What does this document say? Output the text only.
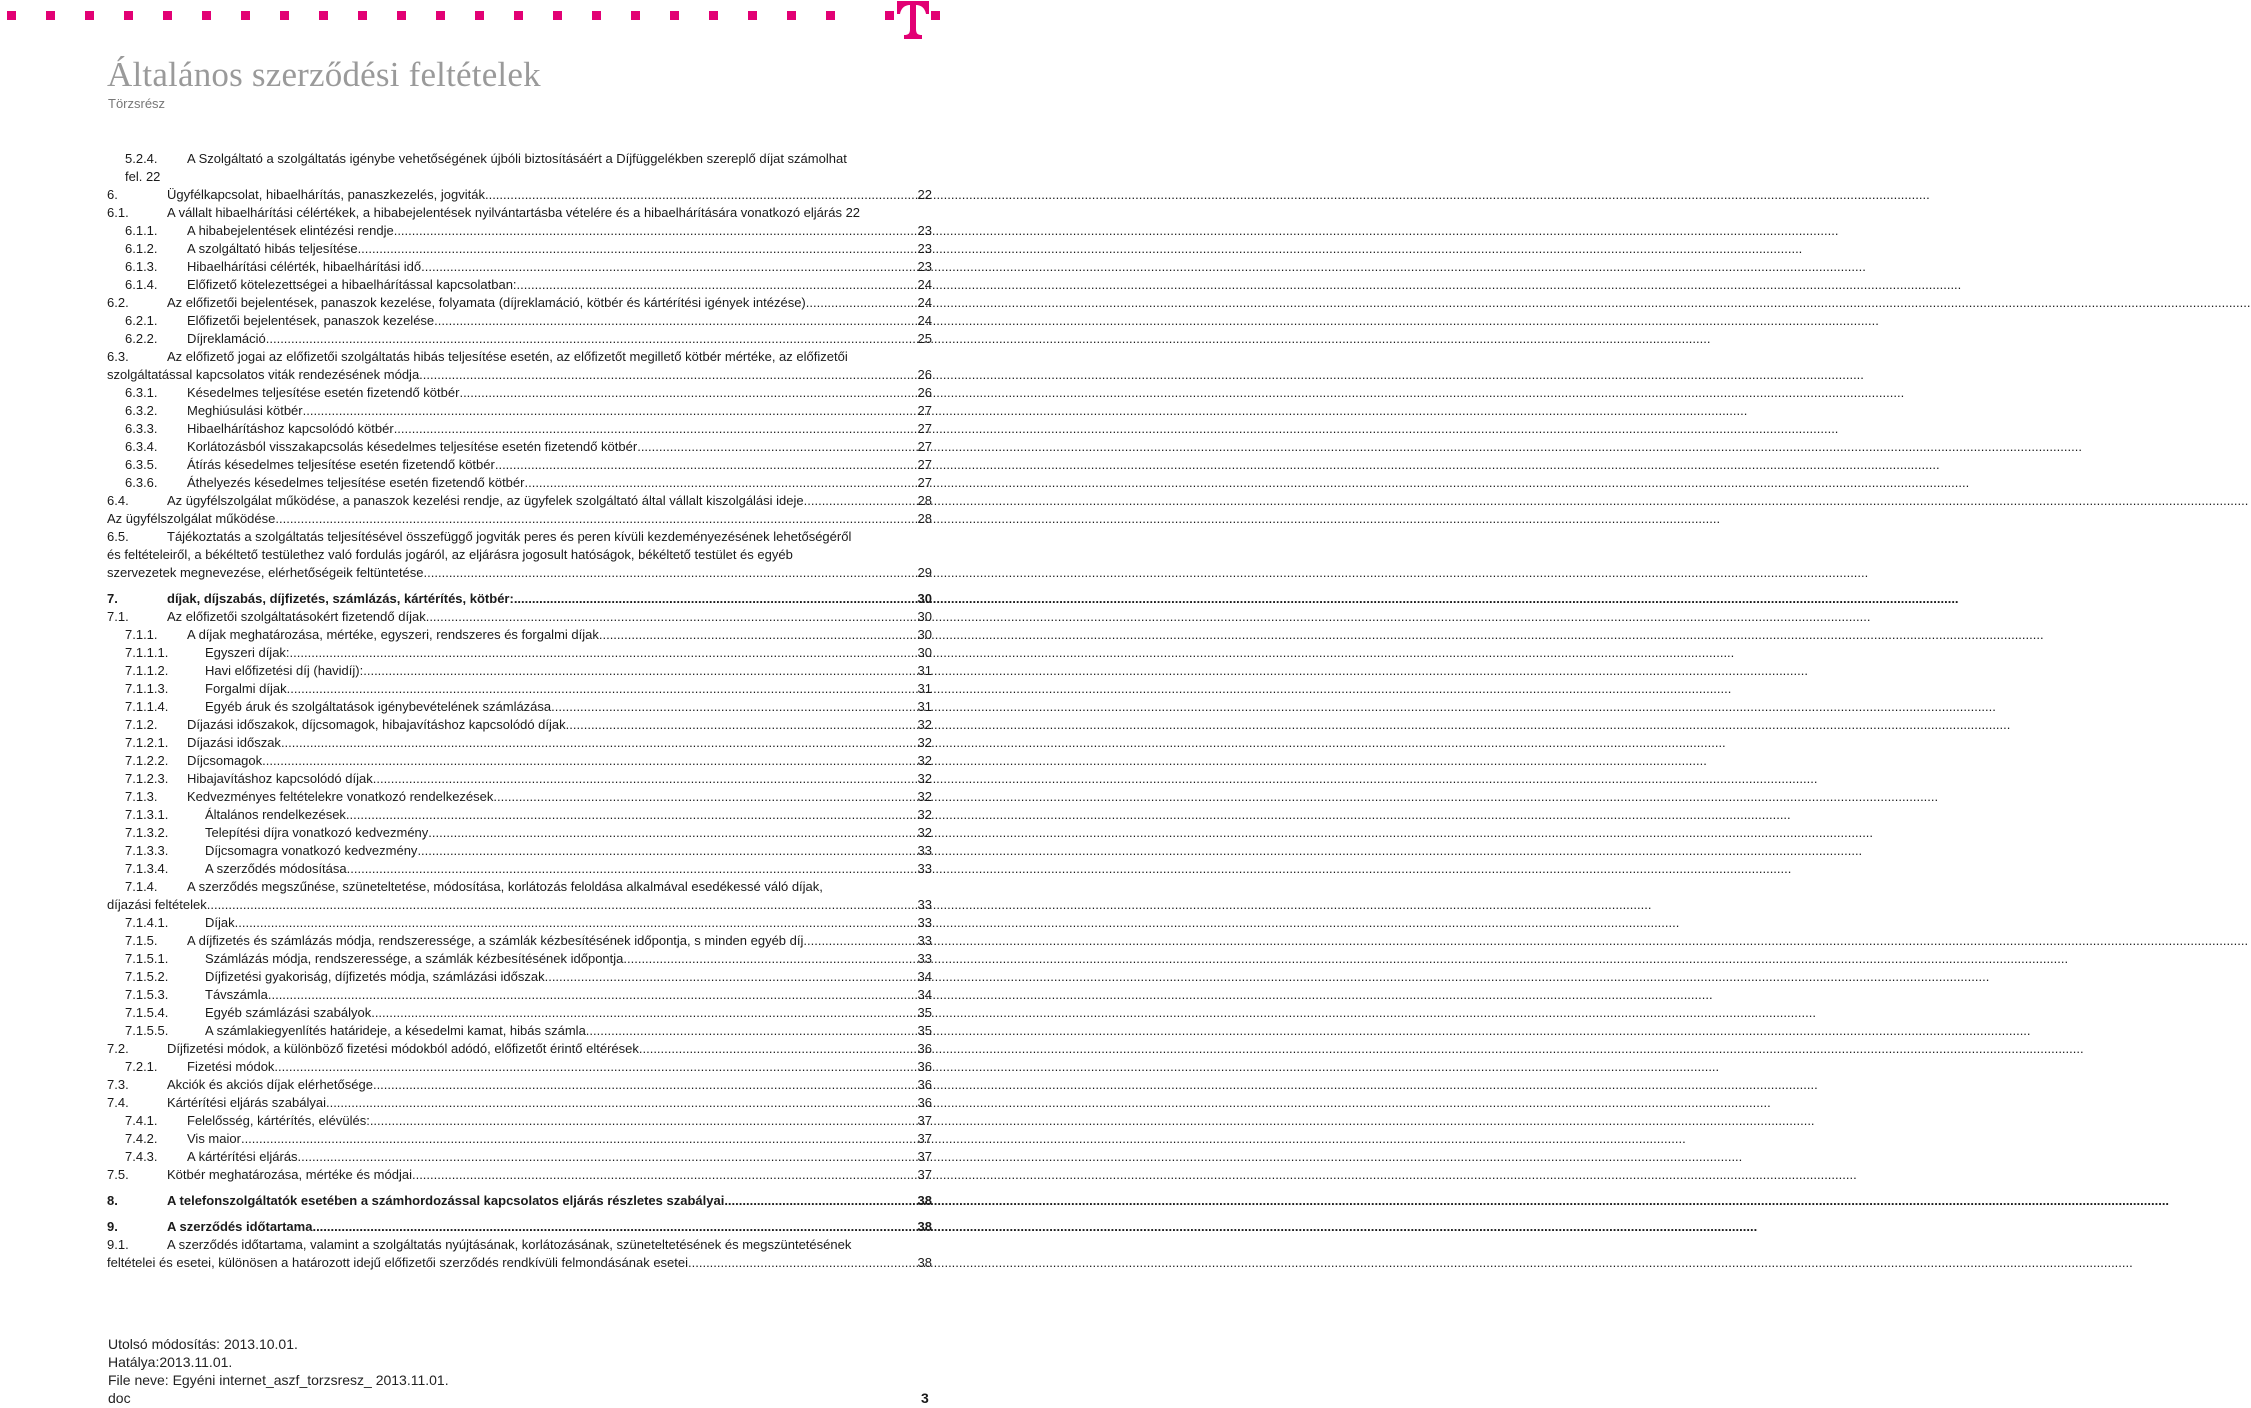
Általános szerződési feltételek
Törzsrész
5.2.4.	A Szolgáltató a szolgáltatás igénybe vehetőségének újbóli biztosításáért a Díjfüggelékben szereplő díjat számolhat
fel. 22
6.	Ügyfélkapcsolat, hibaelhárítás, panaszkezelés, jogviták .....	22
6.1.	A vállalt hibaelhárítási célértékek, a hibabejelentések nyilvántartásba vételére és a hibaelhárítására vonatkozó eljárás 22
6.1.1.	A hibabejelentések elintézési rendje .....	23
6.1.2.	A szolgáltató hibás teljesítése .....	23
6.1.3.	Hibaelhárítási célérték, hibaelhárítási idő .....	23
6.1.4.	Előfizető kötelezettségei a hibaelhárítással kapcsolatban: .....	24
6.2.	Az előfizetői bejelentések, panaszok kezelése, folyamata (díjreklamáció, kötbér és kártérítési igények intézése) .....	24
6.2.1.	Előfizetői bejelentések, panaszok kezelése .....	24
6.2.2.	Díjreklamáció .....	25
6.3.	Az előfizető jogai az előfizetői szolgáltatás hibás teljesítése esetén, az előfizetőt megillető kötbér mértéke, az előfizetői
szolgáltatással kapcsolatos viták rendezésének módja .....	26
6.3.1.	Késedelmes teljesítése esetén fizetendő kötbér .....	26
6.3.2.	Meghiúsulási kötbér .....	27
6.3.3.	Hibaelhárításhoz kapcsolódó kötbér .....	27
6.3.4.	Korlátozásból visszakapcsolás késedelmes teljesítése esetén fizetendő kötbér .....	27
6.3.5.	Átírás késedelmes teljesítése esetén fizetendő kötbér .....	27
6.3.6.	Áthelyezés késedelmes teljesítése esetén fizetendő kötbér .....	27
6.4.	Az ügyfélszolgálat működése, a panaszok kezelési rendje, az ügyfelek szolgáltató által vállalt kiszolgálási ideje .....	28
Az ügyfélszolgálat működése .....	28
6.5.	Tájékoztatás a szolgáltatás teljesítésével összefüggő jogviták peres és peren kívüli kezdeményezésének lehetőségéről
és feltételeiről, a békéltető testülethez való fordulás jogáról, az eljárásra jogosult hatóságok, békéltető testület és egyéb
szervezetek megnevezése, elérhetőségeik feltüntetése .....	29
7.	díjak, díjszabás, díjfizetés, számlázás, kártérítés, kötbér: .....	30
7.1.	Az előfizetői szolgáltatásokért fizetendő díjak .....	30
7.1.1.	A díjak meghatározása, mértéke, egyszeri, rendszeres és forgalmi díjak .....	30
7.1.1.1.	Egyszeri díjak: .....	30
7.1.1.2.	Havi előfizetési díj (havidíj): .....	31
7.1.1.3.	Forgalmi díjak .....	31
7.1.1.4.	Egyéb áruk és szolgáltatások igénybevételének számlázása .....	31
7.1.2.	Díjazási időszakok, díjcsomagok, hibajavításhoz kapcsolódó díjak .....	32
7.1.2.1.	Díjazási időszak .....	32
7.1.2.2.	Díjcsomagok .....	32
7.1.2.3.	Hibajavításhoz kapcsolódó díjak .....	32
7.1.3.	Kedvezményes feltételekre vonatkozó rendelkezések .....	32
7.1.3.1.	Általános rendelkezések .....	32
7.1.3.2.	Telepítési díjra vonatkozó kedvezmény .....	32
7.1.3.3.	Díjcsomagra vonatkozó kedvezmény .....	33
7.1.3.4.	A szerződés módosítása .....	33
7.1.4.	A szerződés megszűnése, szüneteltetése, módosítása, korlátozás feloldása alkalmával esedékessé váló díjak,
díjazási feltételek .....	33
7.1.4.1.	Díjak .....	33
7.1.5.	A díjfizetés és számlázás módja, rendszeressége, a számlák kézbesítésének időpontja, s minden egyéb díj .....	33
7.1.5.1.	Számlázás módja, rendszeressége, a számlák kézbesítésének időpontja .....	33
7.1.5.2.	Díjfizetési gyakoriság, díjfizetés módja, számlázási időszak .....	34
7.1.5.3.	Távszámla .....	34
7.1.5.4.	Egyéb számlázási szabályok .....	35
7.1.5.5.	A számlakiegyenlítés határideje, a késedelmi kamat, hibás számla .....	35
7.2.	Díjfizetési módok, a különböző fizetési módokból adódó, előfizetőt érintő eltérések .....	36
7.2.1.	Fizetési módok .....	36
7.3.	Akciók és akciós díjak elérhetősége .....	36
7.4.	Kártérítési eljárás szabályai .....	36
7.4.1.	Felelősség, kártérítés, elévülés: .....	37
7.4.2.	Vis maior .....	37
7.4.3.	A kártérítési eljárás .....	37
7.5.	Kötbér meghatározása, mértéke és módjai .....	37
8.	A telefonszolgáltatók esetében a számhordozással kapcsolatos eljárás részletes szabályai .....	38
9.	A szerződés időtartama .....	38
9.1.	A szerződés időtartama, valamint a szolgáltatás nyújtásának, korlátozásának, szüneteltetésének és megszüntetésének
feltételei és esetei, különösen a határozott idejű előfizetői szerződés rendkívüli felmondásának esetei .....	38
Utolsó módosítás: 2013.10.01.
Hatálya:2013.11.01.
File neve: Egyéni internet_aszf_torzsresz_ 2013.11.01.
doc	3
